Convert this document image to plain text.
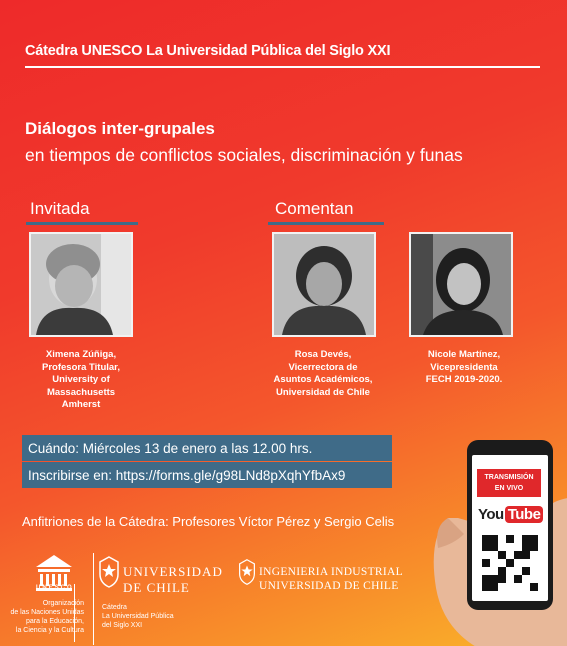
Cátedra UNESCO La Universidad Pública del Siglo XXI
Diálogos inter-grupales
en tiempos de conflictos sociales, discriminación y funas
Invitada	Comentan
Ximena Zúñiga,
Profesora Titular,
University of
Massachusetts
Amherst
Rosa Devés,
Vicerrectora de
Asuntos Académicos,
Universidad de Chile
Nicole Martínez,
Vicepresidenta
FECH 2019-2020.
Cuándo: Miércoles 13 de enero a las 12.00 hrs.
Inscribirse en: https://forms.gle/g98LNd8pXqhYfbAx9
Anfitriones de la Cátedra: Profesores Víctor Pérez y Sergio Celis
TRANSMISIÓN
EN VIVO
You Tube
UNESCO
Organización
de las Naciones Unidas
para la Educación,
la Ciencia y la Cultura
UNIVERSIDAD
DE CHILE
Cátedra
La Universidad Pública
del Siglo XXI
INGENIERIA INDUSTRIAL
UNIVERSIDAD DE CHILE
